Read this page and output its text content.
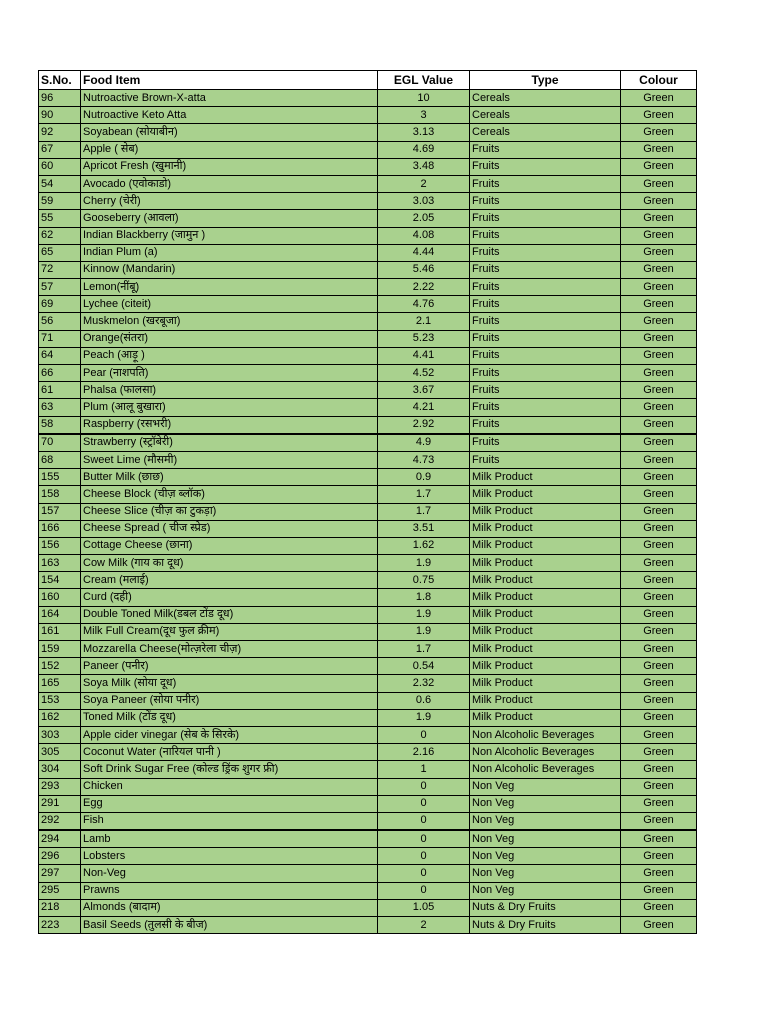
S.No.	Food Item	EGL Value	Type	Colour
96	Nutroactive Brown-X-atta	10	Cereals	Green
90	Nutroactive Keto Atta	3	Cereals	Green
92	Soyabean (सोयाबीन)	3.13	Cereals	Green
67	Apple ( सेब)	4.69	Fruits	Green
60	Apricot Fresh (खुमानी)	3.48	Fruits	Green
54	Avocado (एवोकाडो)	2	Fruits	Green
59	Cherry (चेरी)	3.03	Fruits	Green
55	Gooseberry (आवला)	2.05	Fruits	Green
62	Indian Blackberry (जामुन )	4.08	Fruits	Green
65	Indian Plum (a)	4.44	Fruits	Green
72	Kinnow (Mandarin)	5.46	Fruits	Green
57	Lemon(नींबू)	2.22	Fruits	Green
69	Lychee (citeit)	4.76	Fruits	Green
56	Muskmelon (खरबूजा)	2.1	Fruits	Green
71	Orange(संतरा)	5.23	Fruits	Green
64	Peach (आड़ू )	4.41	Fruits	Green
66	Pear (नाशपति)	4.52	Fruits	Green
61	Phalsa (फालसा)	3.67	Fruits	Green
63	Plum (आलू बुखारा)	4.21	Fruits	Green
58	Raspberry (रसभरी)	2.92	Fruits	Green
70	Strawberry (स्ट्रॉबेरी)	4.9	Fruits	Green
68	Sweet Lime (मौसमी)	4.73	Fruits	Green
155	Butter Milk (छाछ)	0.9	Milk Product	Green
158	Cheese Block (चीज़ ब्लॉक)	1.7	Milk Product	Green
157	Cheese Slice (चीज़ का टुकड़ा)	1.7	Milk Product	Green
166	Cheese Spread ( चीज स्प्रेड)	3.51	Milk Product	Green
156	Cottage Cheese (छाना)	1.62	Milk Product	Green
163	Cow Milk (गाय का दूध)	1.9	Milk Product	Green
154	Cream (मलाई)	0.75	Milk Product	Green
160	Curd (दही)	1.8	Milk Product	Green
164	Double Toned Milk(डबल टोंड दूध)	1.9	Milk Product	Green
161	Milk Full Cream(दूध फुल क्रीम)	1.9	Milk Product	Green
159	Mozzarella Cheese(मोत्ज़रेला चीज़)	1.7	Milk Product	Green
152	Paneer (पनीर)	0.54	Milk Product	Green
165	Soya Milk (सोया दूध)	2.32	Milk Product	Green
153	Soya Paneer (सोया पनीर)	0.6	Milk Product	Green
162	Toned Milk (टोंड दूध)	1.9	Milk Product	Green
303	Apple cider vinegar (सेब के सिरके)	0	Non Alcoholic Beverages	Green
305	Coconut Water (नारियल पानी )	2.16	Non Alcoholic Beverages	Green
304	Soft Drink Sugar Free (कोल्ड ड्रिंक शुगर फ्री)	1	Non Alcoholic Beverages	Green
293	Chicken	0	Non Veg	Green
291	Egg	0	Non Veg	Green
292	Fish	0	Non Veg	Green
294	Lamb	0	Non Veg	Green
296	Lobsters	0	Non Veg	Green
297	Non-Veg	0	Non Veg	Green
295	Prawns	0	Non Veg	Green
218	Almonds (बादाम)	1.05	Nuts & Dry Fruits	Green
223	Basil Seeds (तुलसी के बीज)	2	Nuts & Dry Fruits	Green
